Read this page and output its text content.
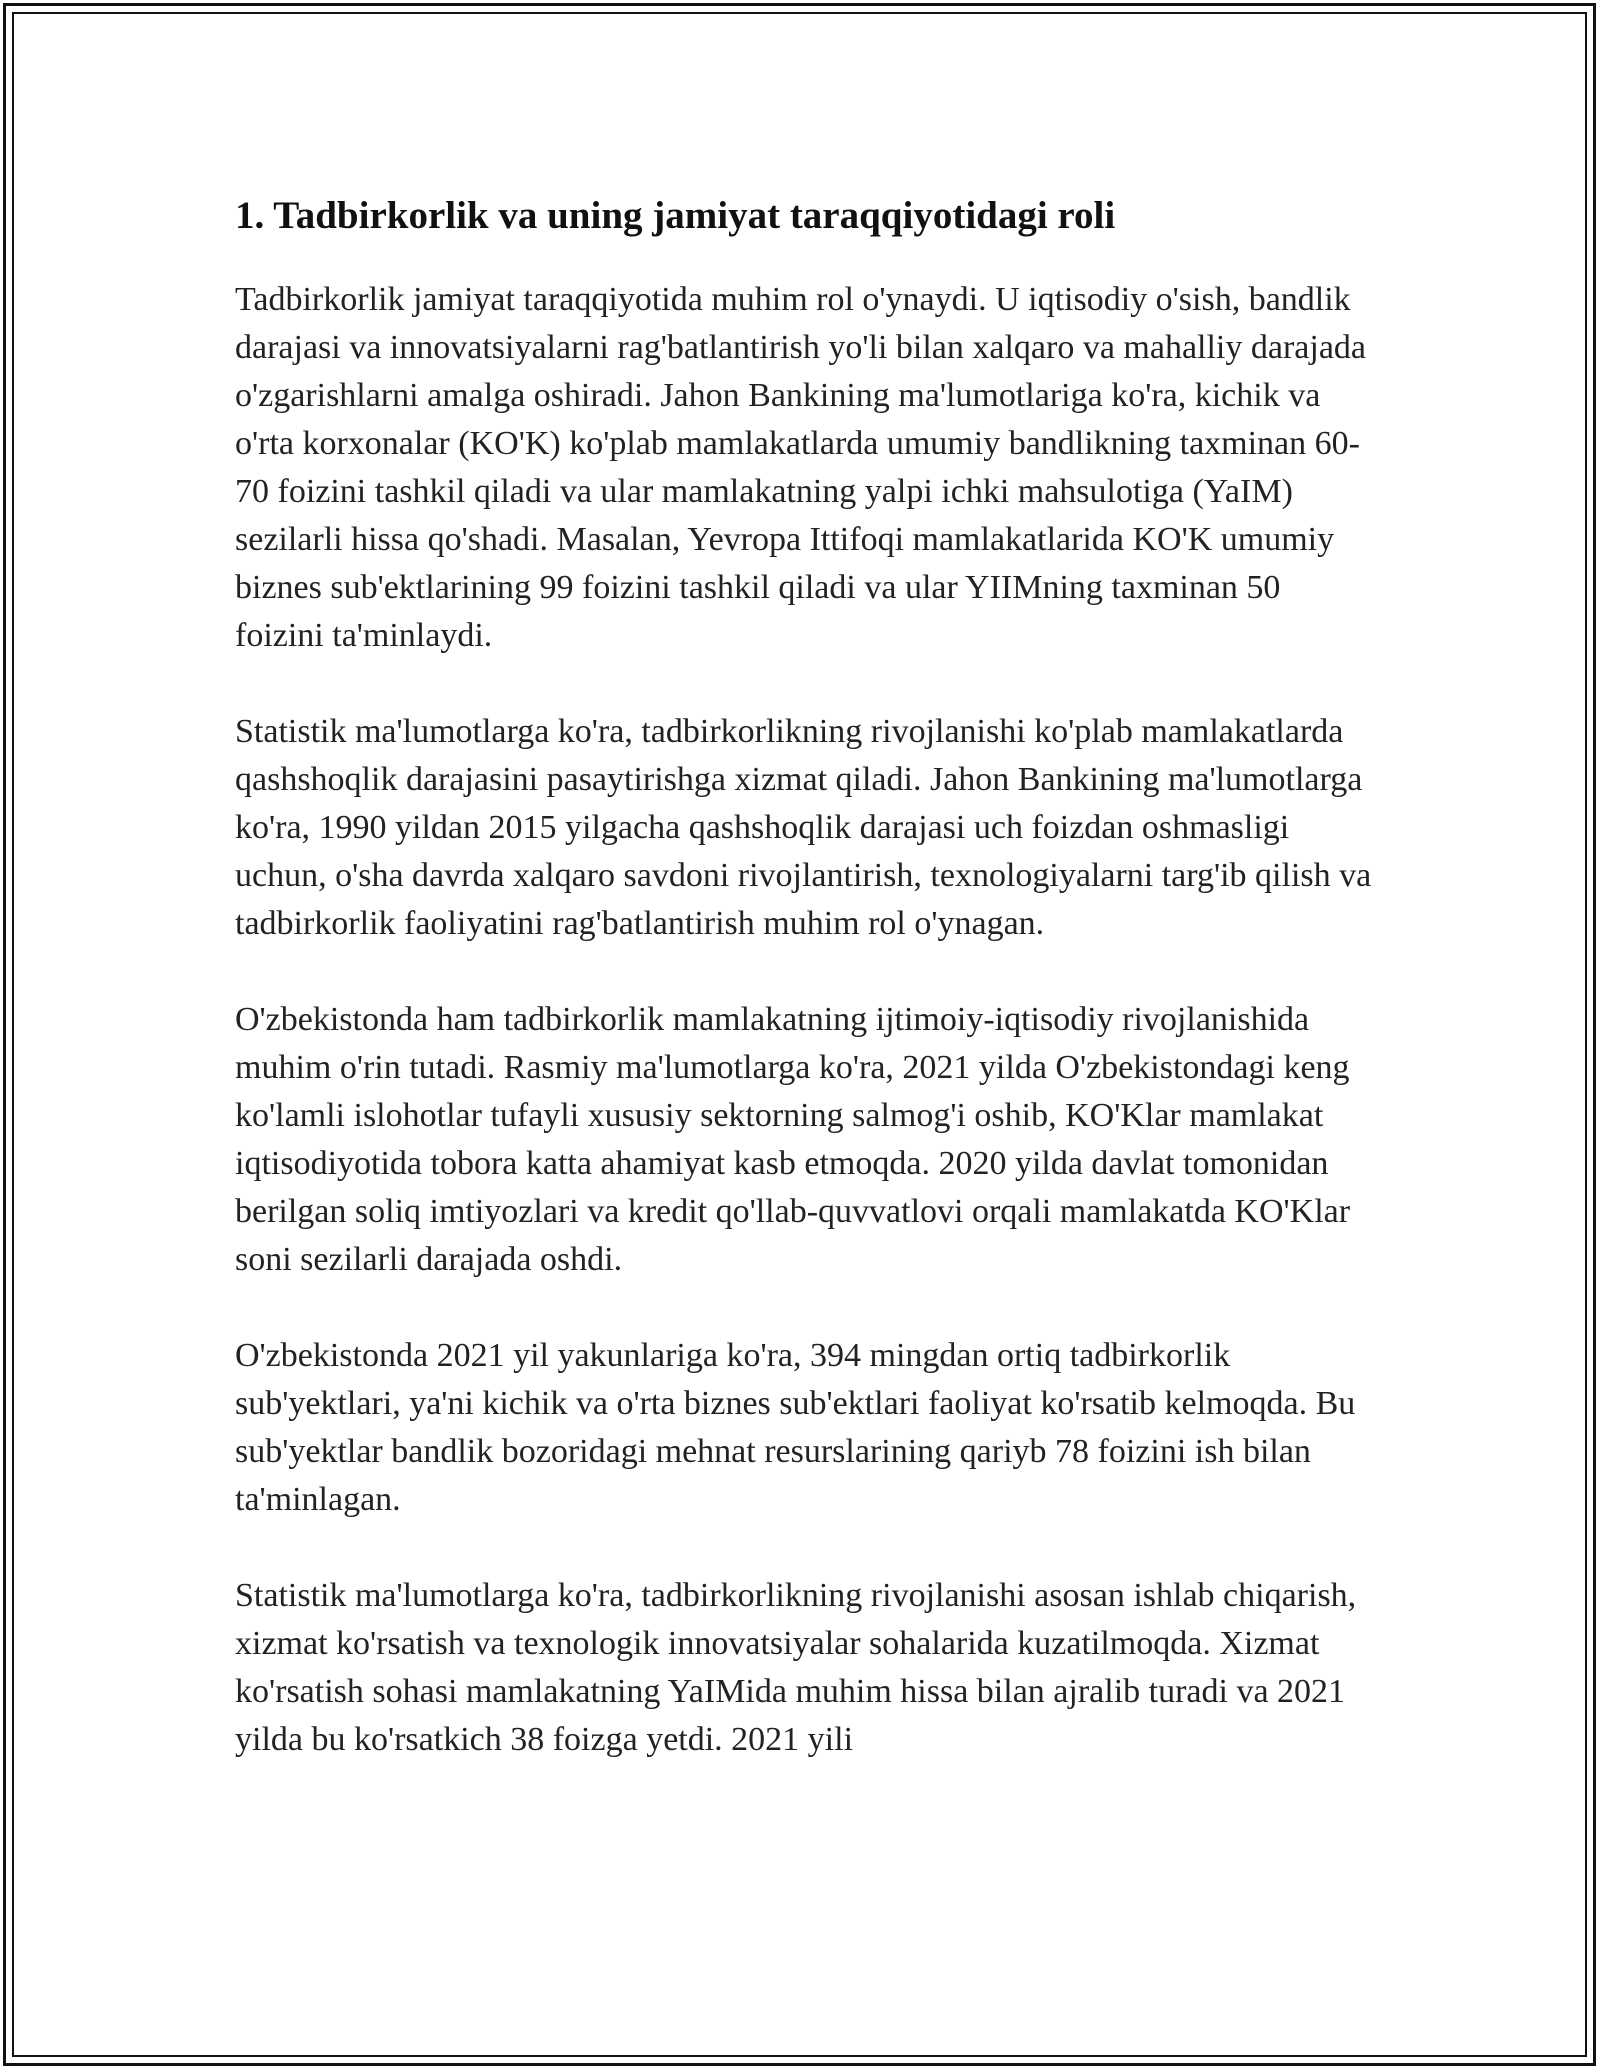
1. Tadbirkorlik va uning jamiyat taraqqiyotidagi roli

Tadbirkorlik jamiyat taraqqiyotida muhim rol o'ynaydi. U iqtisodiy o'sish, bandlik darajasi va innovatsiyalarni rag'batlantirish yo'li bilan xalqaro va mahalliy darajada o'zgarishlarni amalga oshiradi. Jahon Bankining ma'lumotlariga ko'ra, kichik va o'rta korxonalar (KO'K) ko'plab mamlakatlarda umumiy bandlikning taxminan 60-70 foizini tashkil qiladi va ular mamlakatning yalpi ichki mahsulotiga (YaIM) sezilarli hissa qo'shadi. Masalan, Yevropa Ittifoqi mamlakatlarida KO'K umumiy biznes sub'ektlarining 99 foizini tashkil qiladi va ular YIIMning taxminan 50 foizini ta'minlaydi.

Statistik ma'lumotlarga ko'ra, tadbirkorlikning rivojlanishi ko'plab mamlakatlarda qashshoqlik darajasini pasaytirishga xizmat qiladi. Jahon Bankining ma'lumotlarga ko'ra, 1990 yildan 2015 yilgacha qashshoqlik darajasi uch foizdan oshmasligi uchun, o'sha davrda xalqaro savdoni rivojlantirish, texnologiyalarni targ'ib qilish va tadbirkorlik faoliyatini rag'batlantirish muhim rol o'ynagan.

O'zbekistonda ham tadbirkorlik mamlakatning ijtimoiy-iqtisodiy rivojlanishida muhim o'rin tutadi. Rasmiy ma'lumotlarga ko'ra, 2021 yilda O'zbekistondagi keng ko'lamli islohotlar tufayli xususiy sektorning salmog'i oshib, KO'Klar mamlakat iqtisodiyotida tobora katta ahamiyat kasb etmoqda. 2020 yilda davlat tomonidan berilgan soliq imtiyozlari va kredit qo'llab-quvvatlovi orqali mamlakatda KO'Klar soni sezilarli darajada oshdi.

O'zbekistonda 2021 yil yakunlariga ko'ra, 394 mingdan ortiq tadbirkorlik sub'yektlari, ya'ni kichik va o'rta biznes sub'ektlari faoliyat ko'rsatib kelmoqda. Bu sub'yektlar bandlik bozoridagi mehnat resurslarining qariyb 78 foizini ish bilan ta'minlagan.

Statistik ma'lumotlarga ko'ra, tadbirkorlikning rivojlanishi asosan ishlab chiqarish, xizmat ko'rsatish va texnologik innovatsiyalar sohalarida kuzatilmoqda. Xizmat ko'rsatish sohasi mamlakatning YaIMida muhim hissa bilan ajralib turadi va 2021 yilda bu ko'rsatkich 38 foizga yetdi. 2021 yili
